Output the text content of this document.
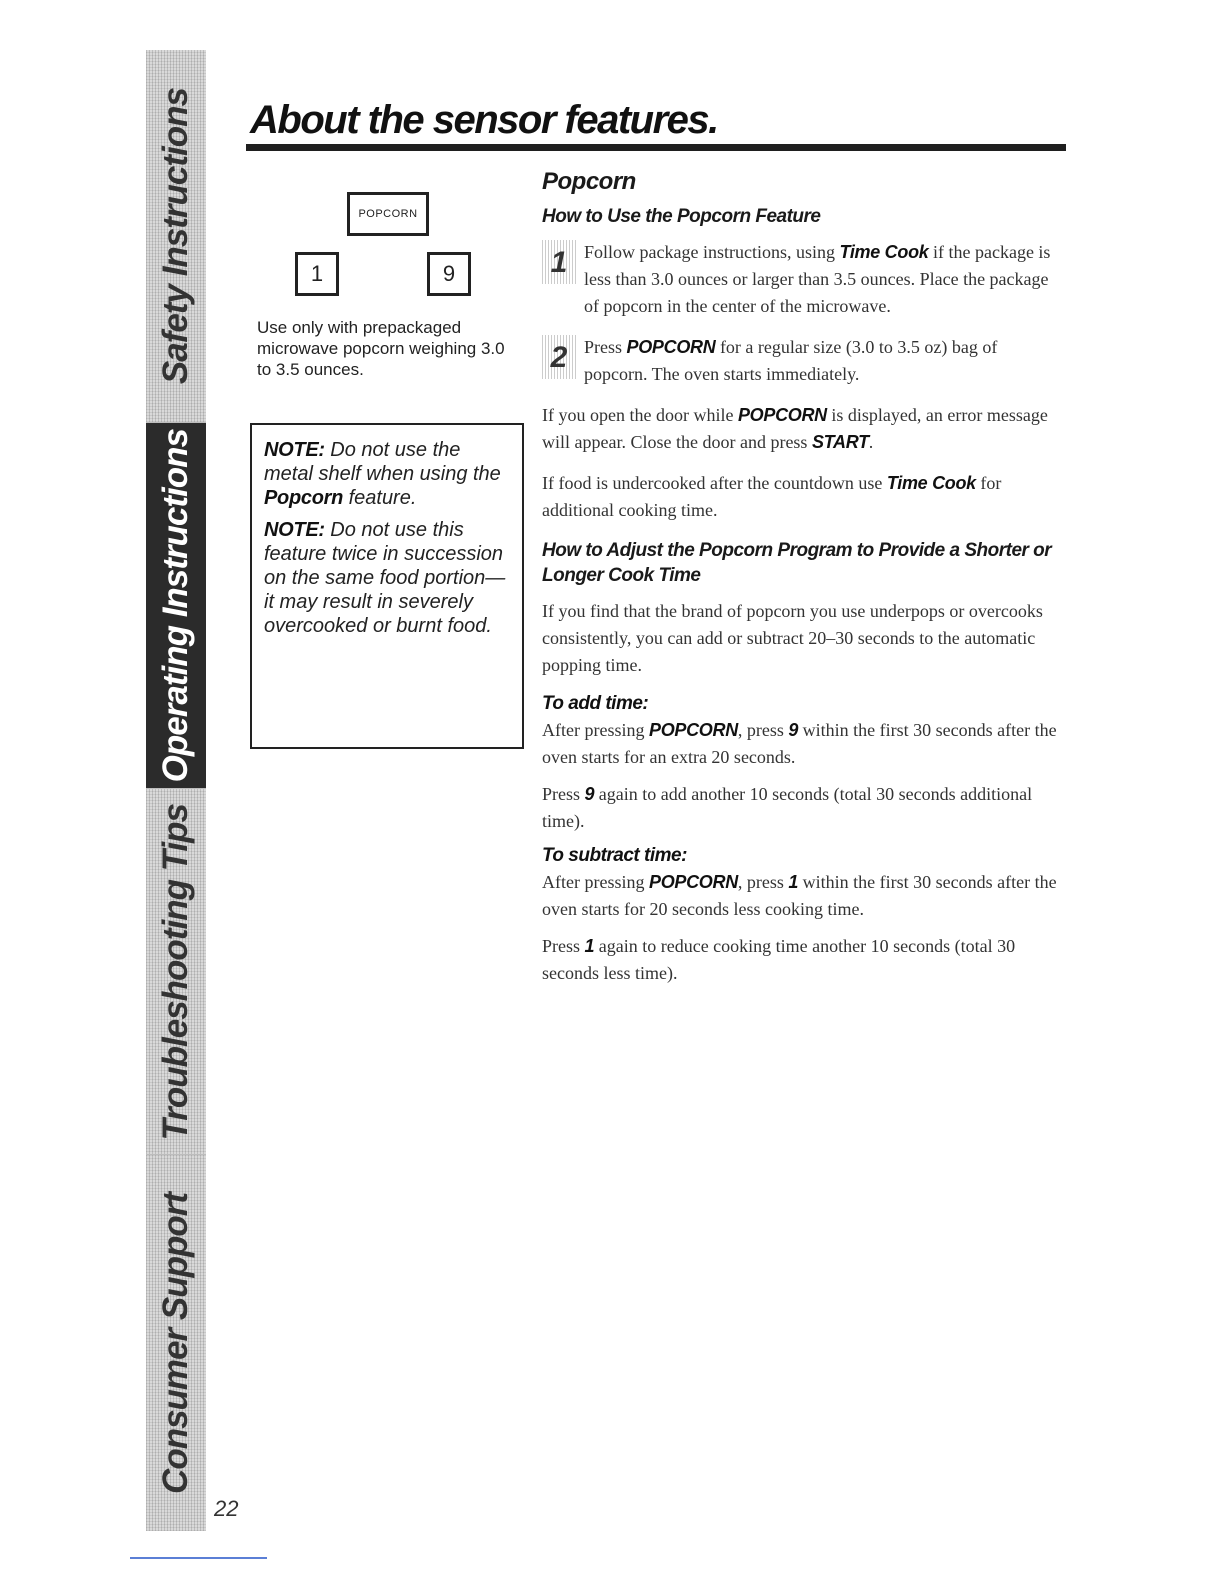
Safety Instructions
Operating Instructions
Troubleshooting Tips
Consumer Support
22
About the sensor features.
POPCORN
1	9
Use only with prepackaged microwave popcorn weighing 3.0 to 3.5 ounces.

NOTE: Do not use the metal shelf when using the Popcorn feature.

NOTE: Do not use this feature twice in succession on the same food portion—it may result in severely overcooked or burnt food.

Popcorn
How to Use the Popcorn Feature
1 Follow package instructions, using Time Cook if the package is less than 3.0 ounces or larger than 3.5 ounces. Place the package of popcorn in the center of the microwave.
2 Press POPCORN for a regular size (3.0 to 3.5 oz) bag of popcorn. The oven starts immediately.

If you open the door while POPCORN is displayed, an error message will appear. Close the door and press START.

If food is undercooked after the countdown use Time Cook for additional cooking time.

How to Adjust the Popcorn Program to Provide a Shorter or Longer Cook Time

If you find that the brand of popcorn you use underpops or overcooks consistently, you can add or subtract 20–30 seconds to the automatic popping time.

To add time:

After pressing POPCORN, press 9 within the first 30 seconds after the oven starts for an extra 20 seconds.

Press 9 again to add another 10 seconds (total 30 seconds additional time).

To subtract time:

After pressing POPCORN, press 1 within the first 30 seconds after the oven starts for 20 seconds less cooking time.

Press 1 again to reduce cooking time another 10 seconds (total 30 seconds less time).
